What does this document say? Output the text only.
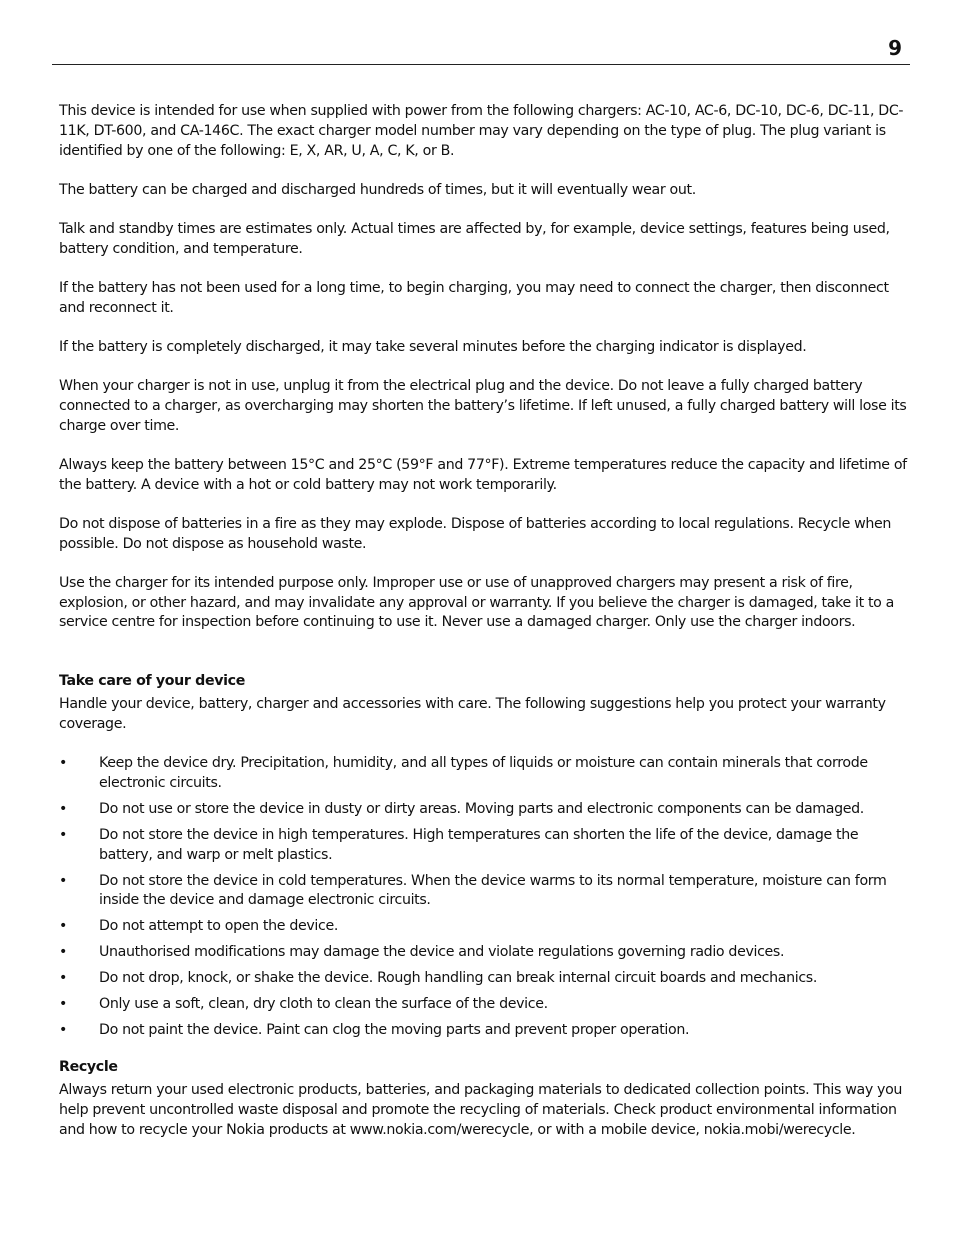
9

This device is intended for use when supplied with power from the following chargers: AC-10, AC-6, DC-10, DC-6, DC-11, DC-11K, DT-600, and CA-146C. The exact charger model number may vary depending on the type of plug. The plug variant is identified by one of the following: E, X, AR, U, A, C, K, or B.

The battery can be charged and discharged hundreds of times, but it will eventually wear out.

Talk and standby times are estimates only. Actual times are affected by, for example, device settings, features being used, battery condition, and temperature.

If the battery has not been used for a long time, to begin charging, you may need to connect the charger, then disconnect and reconnect it.

If the battery is completely discharged, it may take several minutes before the charging indicator is displayed.

When your charger is not in use, unplug it from the electrical plug and the device. Do not leave a fully charged battery connected to a charger, as overcharging may shorten the battery’s lifetime. If left unused, a fully charged battery will lose its charge over time.

Always keep the battery between 15°C and 25°C (59°F and 77°F). Extreme temperatures reduce the capacity and lifetime of the battery. A device with a hot or cold battery may not work temporarily.

Do not dispose of batteries in a fire as they may explode. Dispose of batteries according to local regulations. Recycle when possible. Do not dispose as household waste.

Use the charger for its intended purpose only. Improper use or use of unapproved chargers may present a risk of fire, explosion, or other hazard, and may invalidate any approval or warranty. If you believe the charger is damaged, take it to a service centre for inspection before continuing to use it. Never use a damaged charger. Only use the charger indoors.

Take care of your device

Handle your device, battery, charger and accessories with care. The following suggestions help you protect your warranty coverage.

• Keep the device dry. Precipitation, humidity, and all types of liquids or moisture can contain minerals that corrode electronic circuits.
• Do not use or store the device in dusty or dirty areas. Moving parts and electronic components can be damaged.
• Do not store the device in high temperatures. High temperatures can shorten the life of the device, damage the battery, and warp or melt plastics.
• Do not store the device in cold temperatures. When the device warms to its normal temperature, moisture can form inside the device and damage electronic circuits.
• Do not attempt to open the device.
• Unauthorised modifications may damage the device and violate regulations governing radio devices.
• Do not drop, knock, or shake the device. Rough handling can break internal circuit boards and mechanics.
• Only use a soft, clean, dry cloth to clean the surface of the device.
• Do not paint the device. Paint can clog the moving parts and prevent proper operation.
Recycle

Always return your used electronic products, batteries, and packaging materials to dedicated collection points. This way you help prevent uncontrolled waste disposal and promote the recycling of materials. Check product environmental information and how to recycle your Nokia products at www.nokia.com/werecycle, or with a mobile device, nokia.mobi/werecycle.
